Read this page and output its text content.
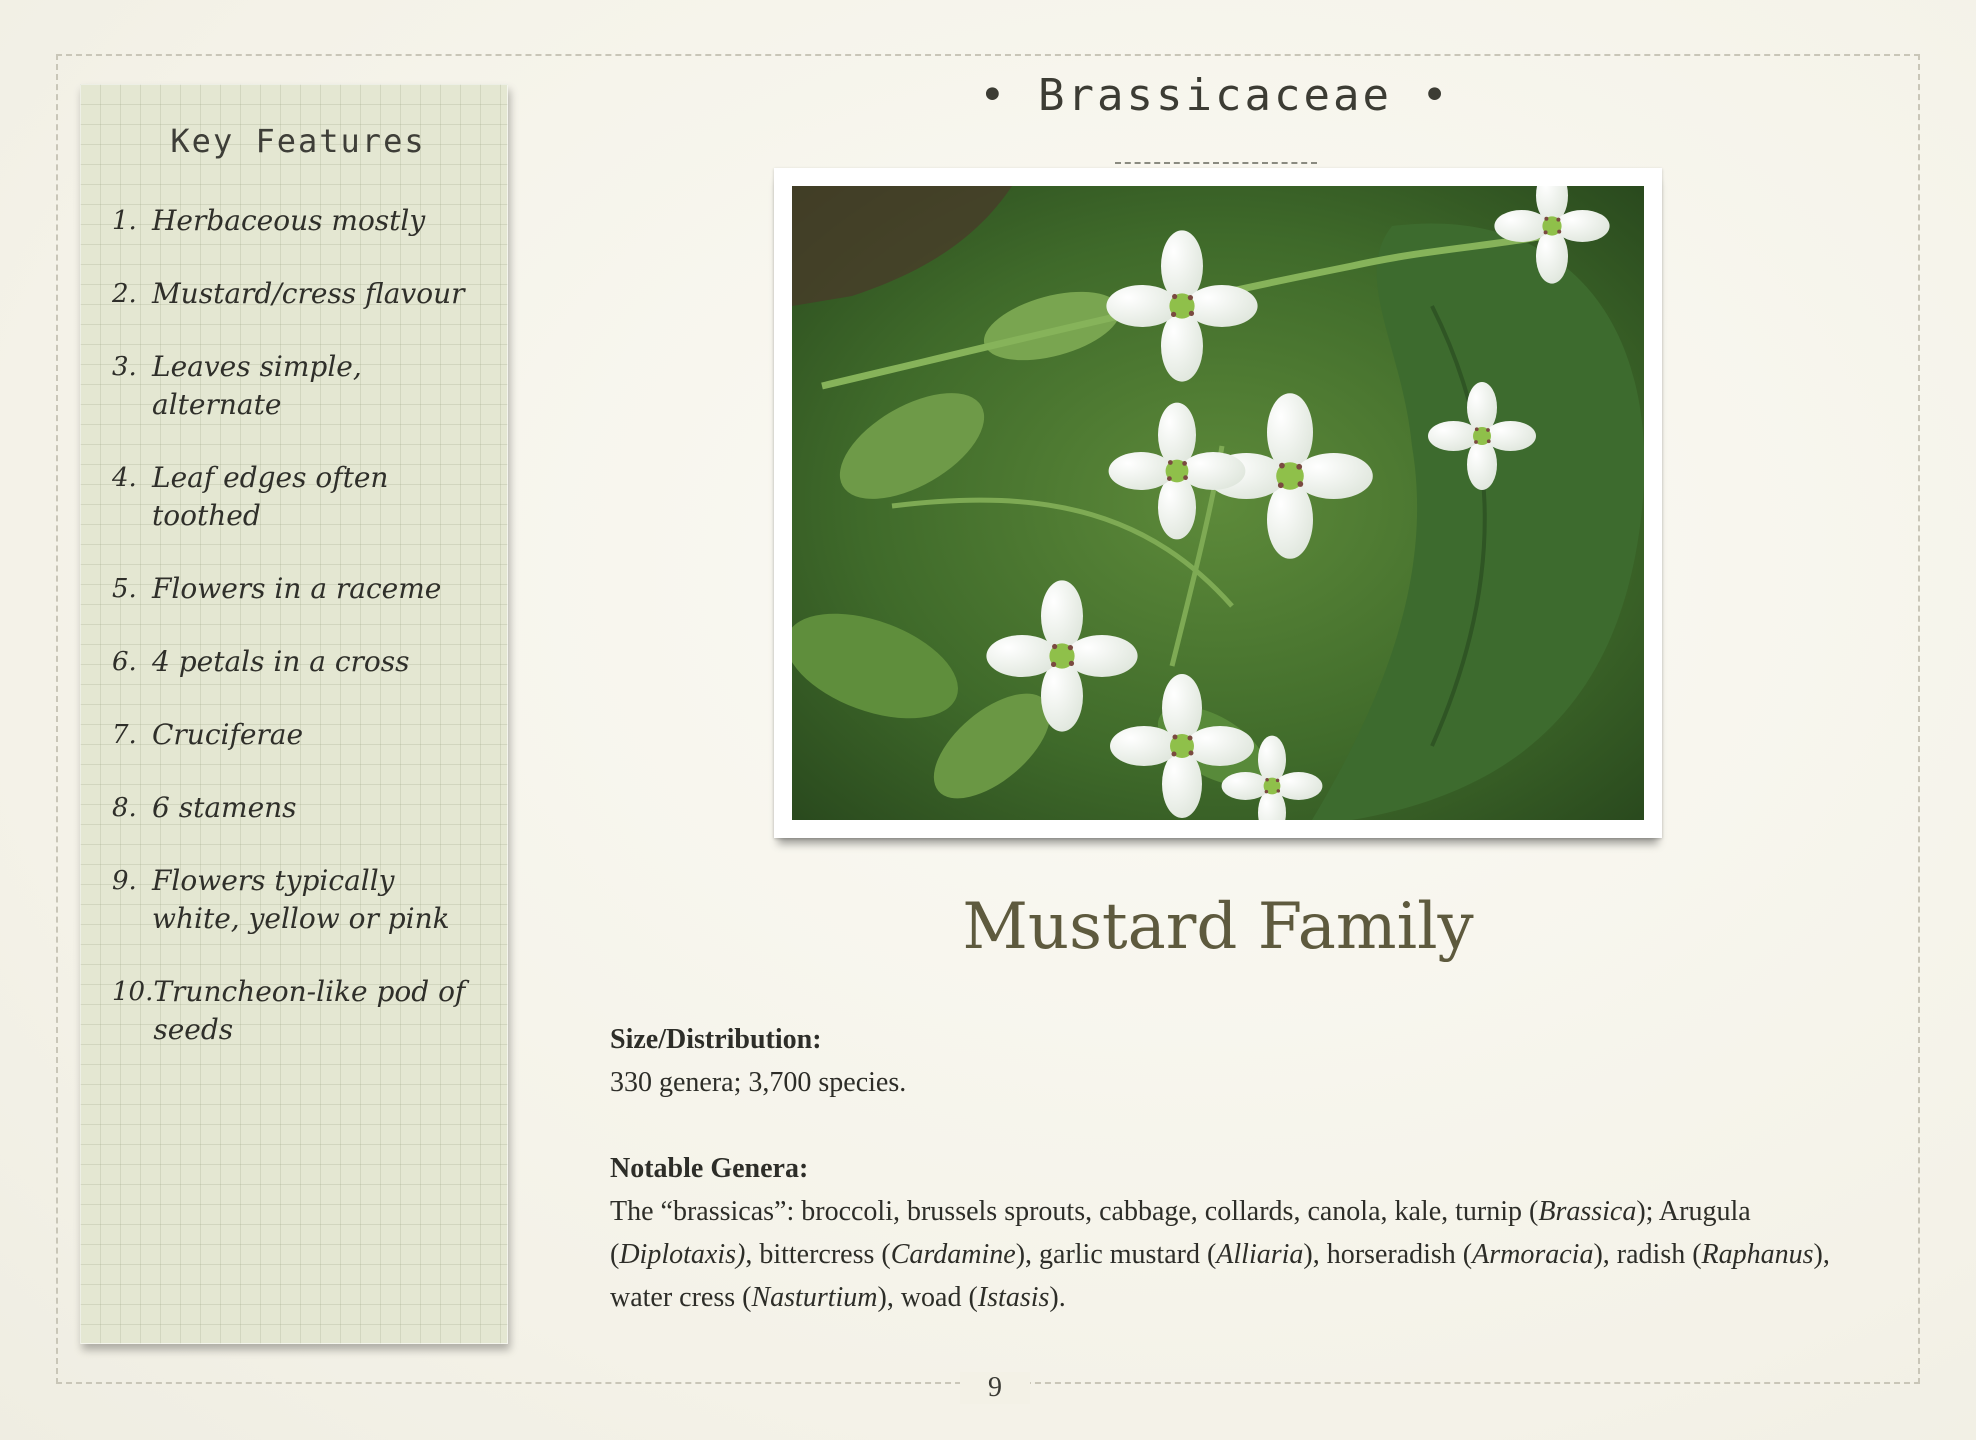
Key Features
1. Herbaceous mostly
2. Mustard/cress flavour
3. Leaves simple, alternate
4. Leaf edges often toothed
5. Flowers in a raceme
6. 4 petals in a cross
7. Cruciferae
8. 6 stamens
9. Flowers typically white, yellow or pink
10. Truncheon-like pod of seeds
• Brassicaceae •
Mustard Family
Size/Distribution:
330 genera; 3,700 species.
Notable Genera:
The “brassicas”: broccoli, brussels sprouts, cabbage, collards, canola, kale, turnip (Brassica); Arugula (Diplotaxis), bittercress (Cardamine), garlic mustard (Alliaria), horseradish (Armoracia), radish (Raphanus), water cress (Nasturtium), woad (Istasis).
9
